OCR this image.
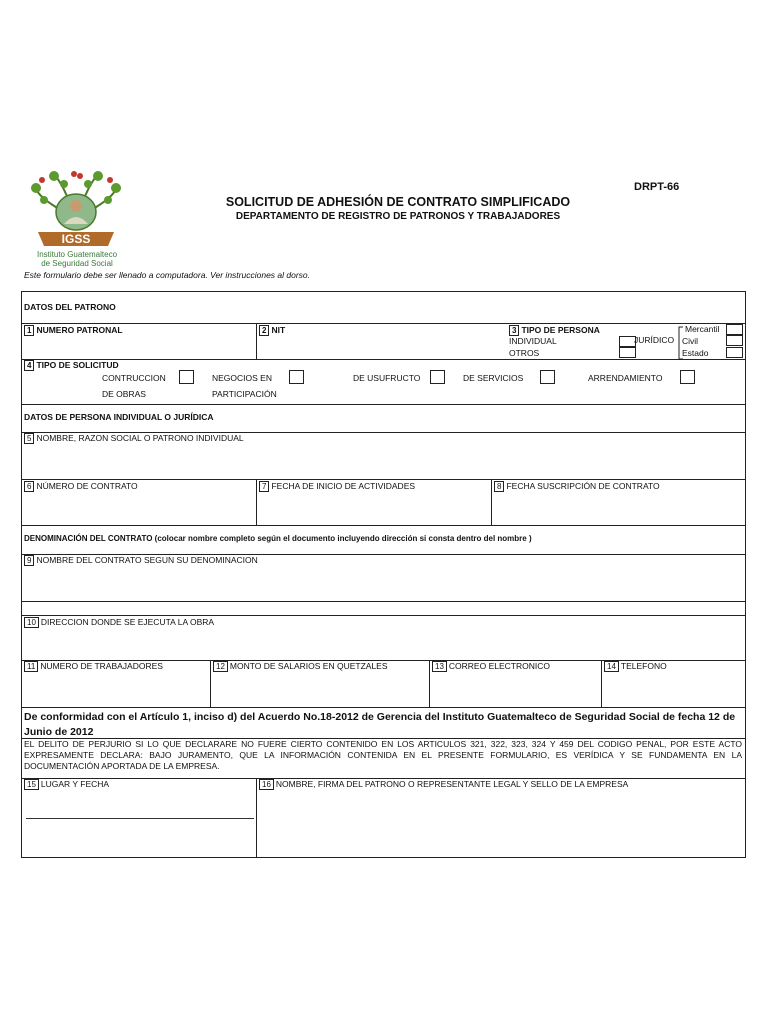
IGSS
Instituto Guatemalteco
de Seguridad Social
DRPT-66
SOLICITUD DE ADHESIÓN DE CONTRATO SIMPLIFICADO
DEPARTAMENTO DE REGISTRO DE PATRONOS Y TRABAJADORES
Este formulario debe ser llenado a computadora. Ver instrucciones al dorso.
DATOS DEL PATRONO
1 NUMERO PATRONAL	2 NIT	3 TIPO DE PERSONA
INDIVIDUAL
OTROS
JURÍDICO
Mercantil
Civil
Estado
4 TIPO DE SOLICITUD
CONTRUCCION
DE OBRAS
NEGOCIOS EN
PARTICIPACIÓN
DE USUFRUCTO	DE SERVICIOS	ARRENDAMIENTO
DATOS DE PERSONA INDIVIDUAL O JURÍDICA
5 NOMBRE, RAZON SOCIAL O PATRONO INDIVIDUAL
6 NÚMERO DE CONTRATO	7 FECHA DE INICIO DE ACTIVIDADES	8 FECHA SUSCRIPCIÓN DE CONTRATO
DENOMINACIÓN DEL CONTRATO (colocar nombre completo según el documento incluyendo dirección si consta dentro del nombre )
9 NOMBRE DEL CONTRATO SEGUN SU DENOMINACION
10 DIRECCION DONDE SE EJECUTA LA OBRA
11 NUMERO DE TRABAJADORES	12 MONTO DE SALARIOS EN QUETZALES	13 CORREO ELECTRONICO	14 TELEFONO
De conformidad con el Artículo 1, inciso d) del Acuerdo No.18-2012 de Gerencia del Instituto Guatemalteco de Seguridad Social de fecha 12 de Junio de 2012
EL DELITO DE PERJURIO SI LO QUE DECLARARE NO FUERE CIERTO CONTENIDO EN LOS ARTICULOS 321, 322, 323, 324 Y 459 DEL CODIGO PENAL, POR ESTE ACTO EXPRESAMENTE DECLARA: BAJO JURAMENTO, QUE LA INFORMACIÓN CONTENIDA EN EL PRESENTE FORMULARIO, ES VERÍDICA Y SE FUNDAMENTA EN LA DOCUMENTACIÓN APORTADA DE LA EMPRESA.
15 LUGAR Y FECHA	16 NOMBRE, FIRMA DEL PATRONO O REPRESENTANTE LEGAL Y SELLO DE LA EMPRESA
